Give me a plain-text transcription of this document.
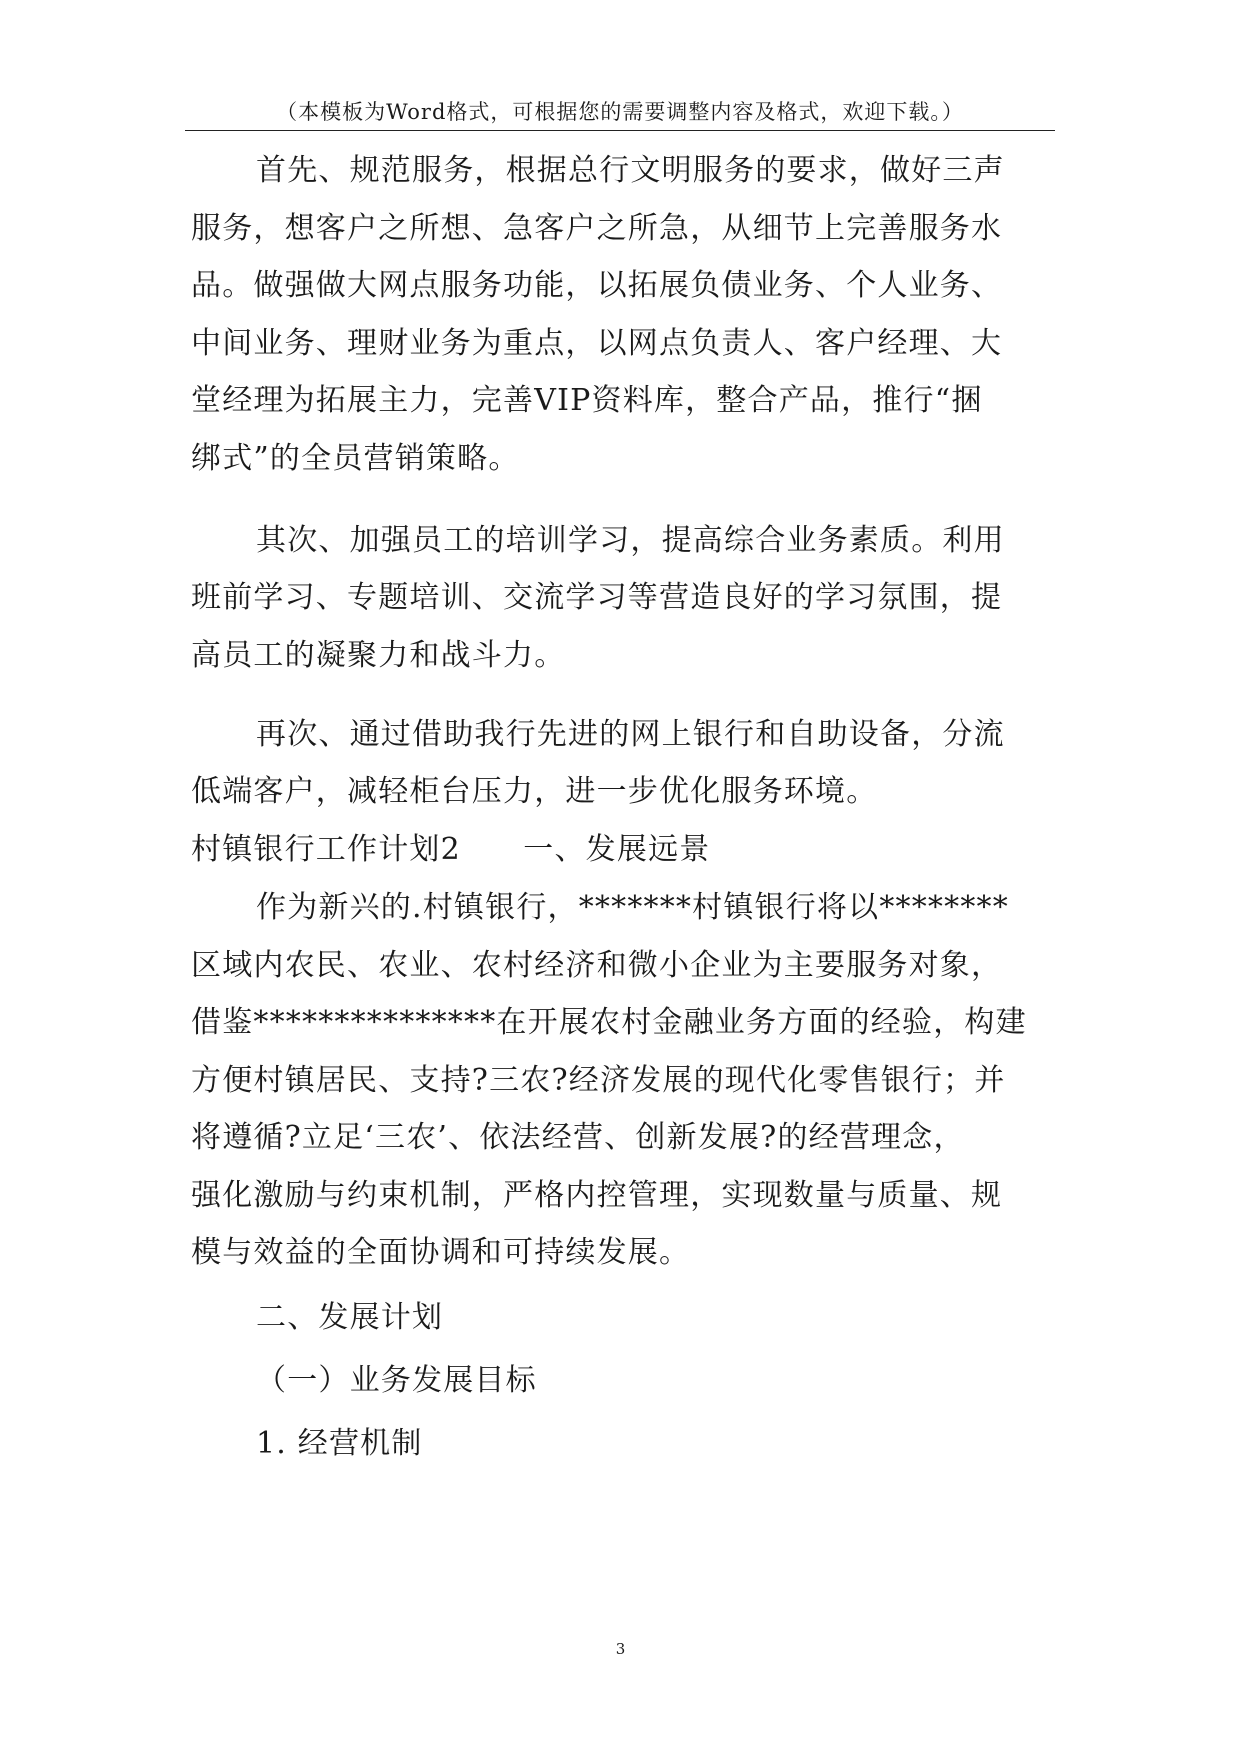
（本模板为Word格式，可根据您的需要调整内容及格式，欢迎下载。）
首先、规范服务，根据总行文明服务的要求，做好三声
服务，想客户之所想、急客户之所急，从细节上完善服务水
品。做强做大网点服务功能，以拓展负债业务、个人业务、
中间业务、理财业务为重点，以网点负责人、客户经理、大
堂经理为拓展主力，完善VIP资料库，整合产品，推行“捆
绑式”的全员营销策略。
其次、加强员工的培训学习，提高综合业务素质。利用
班前学习、专题培训、交流学习等营造良好的学习氛围，提
高员工的凝聚力和战斗力。
再次、通过借助我行先进的网上银行和自助设备，分流
低端客户，减轻柜台压力，进一步优化服务环境。
村镇银行工作计划2　　一、发展远景
作为新兴的.村镇银行，*******村镇银行将以********
区域内农民、农业、农村经济和微小企业为主要服务对象，
借鉴***************在开展农村金融业务方面的经验，构建
方便村镇居民、支持?三农?经济发展的现代化零售银行；并
将遵循?立足‘三农’、依法经营、创新发展?的经营理念，
强化激励与约束机制，严格内控管理，实现数量与质量、规
模与效益的全面协调和可持续发展。
二、发展计划
（一）业务发展目标
1. 经营机制
3
